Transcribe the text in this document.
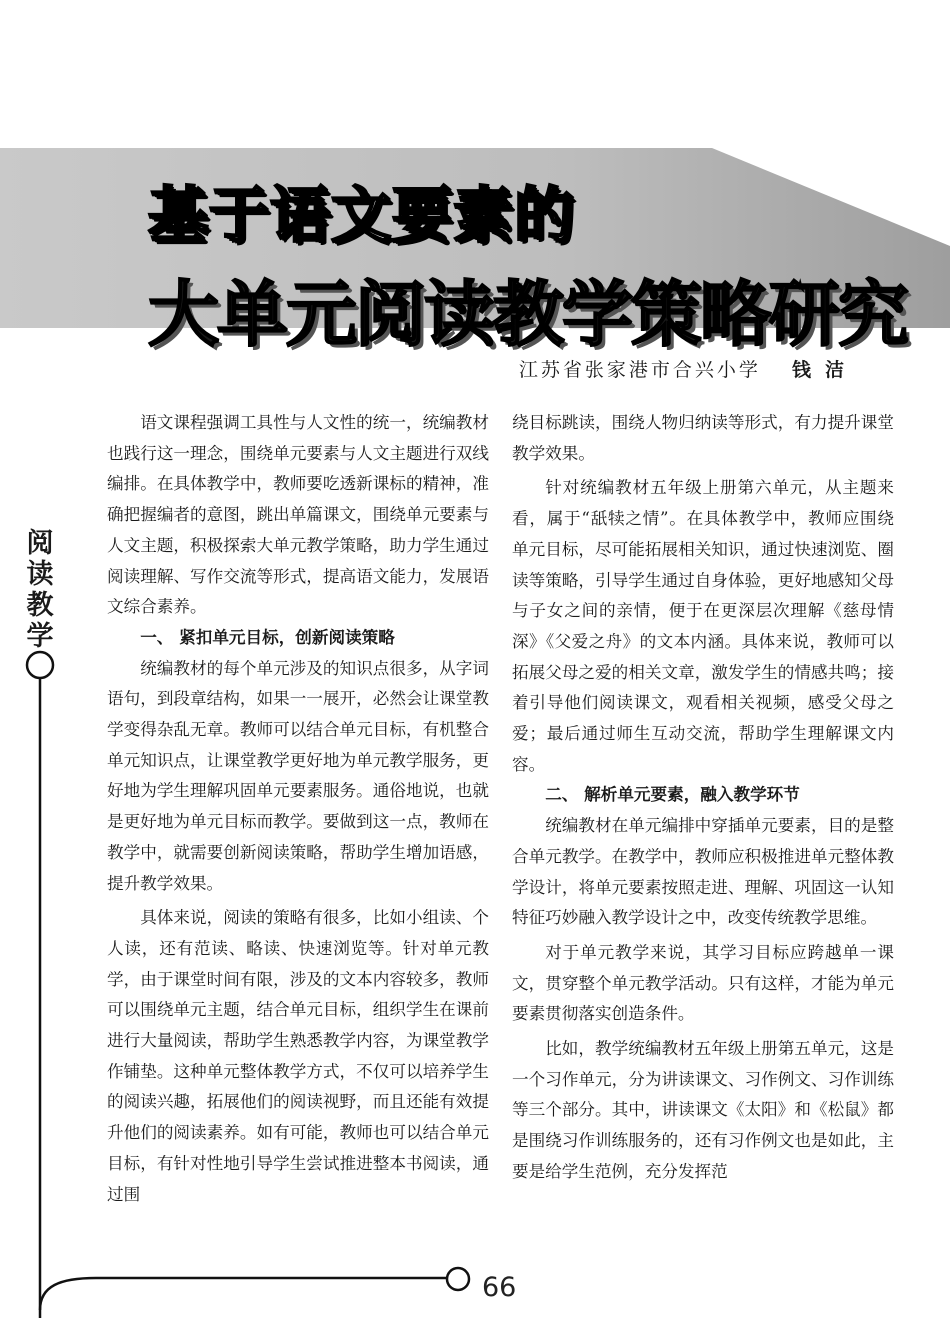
基于语文要素的
大单元阅读教学策略研究

江苏省张家港市合兴小学 钱洁

阅读教学

66

语文课程强调工具性与人文性的统一，统编教材也践行这一理念，围绕单元要素与人文主题进行双线编排。在具体教学中，教师要吃透新课标的精神，准确把握编者的意图，跳出单篇课文，围绕单元要素与人文主题，积极探索大单元教学策略，助力学生通过阅读理解、写作交流等形式，提高语文能力，发展语文综合素养。

一、 紧扣单元目标，创新阅读策略

统编教材的每个单元涉及的知识点很多，从字词语句，到段章结构，如果一一展开，必然会让课堂教学变得杂乱无章。教师可以结合单元目标，有机整合单元知识点，让课堂教学更好地为单元教学服务，更好地为学生理解巩固单元要素服务。通俗地说，也就是更好地为单元目标而教学。要做到这一点，教师在教学中，就需要创新阅读策略，帮助学生增加语感，提升教学效果。

具体来说，阅读的策略有很多，比如小组读、个人读，还有范读、略读、快速浏览等。针对单元教学，由于课堂时间有限，涉及的文本内容较多，教师可以围绕单元主题，结合单元目标，组织学生在课前进行大量阅读，帮助学生熟悉教学内容，为课堂教学作铺垫。这种单元整体教学方式，不仅可以培养学生的阅读兴趣，拓展他们的阅读视野，而且还能有效提升他们的阅读素养。如有可能，教师也可以结合单元目标，有针对性地引导学生尝试推进整本书阅读，通过围

绕目标跳读，围绕人物归纳读等形式，有力提升课堂教学效果。

针对统编教材五年级上册第六单元，从主题来看，属于“舐犊之情”。在具体教学中，教师应围绕单元目标，尽可能拓展相关知识，通过快速浏览、圈读等策略，引导学生通过自身体验，更好地感知父母与子女之间的亲情，便于在更深层次理解《慈母情深》《父爱之舟》的文本内涵。具体来说，教师可以拓展父母之爱的相关文章，激发学生的情感共鸣；接着引导他们阅读课文，观看相关视频，感受父母之爱；最后通过师生互动交流，帮助学生理解课文内容。

二、 解析单元要素，融入教学环节

统编教材在单元编排中穿插单元要素，目的是整合单元教学。在教学中，教师应积极推进单元整体教学设计，将单元要素按照走进、理解、巩固这一认知特征巧妙融入教学设计之中，改变传统教学思维。

对于单元教学来说，其学习目标应跨越单一课文，贯穿整个单元教学活动。只有这样，才能为单元要素贯彻落实创造条件。

比如，教学统编教材五年级上册第五单元，这是一个习作单元，分为讲读课文、习作例文、习作训练等三个部分。其中，讲读课文《太阳》和《松鼠》都是围绕习作训练服务的，还有习作例文也是如此，主要是给学生范例，充分发挥范
